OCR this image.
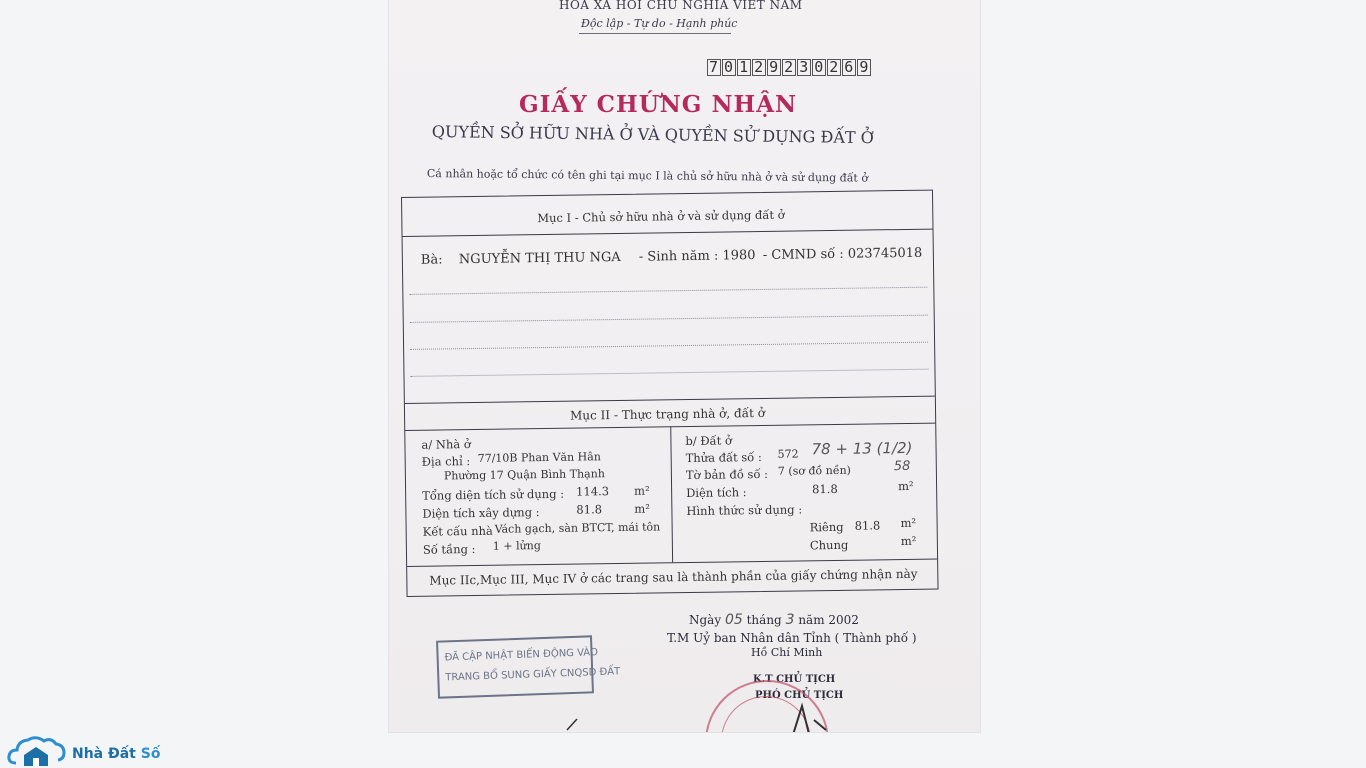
HOA XA HOI CHU NGHIA VIET NAM
Độc lập - Tự do - Hạnh phúc
7 0 1 2 9 2 3 0 2 6 9
GIẤY CHỨNG NHẬN
QUYỀN SỞ HỮU NHÀ Ở VÀ QUYỀN SỬ DỤNG ĐẤT Ở
Cá nhân hoặc tổ chức có tên ghi tại mục I là chủ sở hữu nhà ở và sử dụng đất ở
Mục I - Chủ sở hữu nhà ở và sử dụng đất ở
Bà: NGUYỄN THỊ THU NGA - Sinh năm : 1980 - CMND số : 023745018
Mục II - Thực trạng nhà ở, đất ở
a/ Nhà ở
Địa chỉ : 77/10B Phan Văn Hân
Phường 17 Quận Bình Thạnh
Tổng diện tích sử dụng : 114.3 m²
Diện tích xây dựng :	81.8	m²
Kết cấu nhà Vách gạch, sàn BTCT, mái tôn
Số tầng : 1 + lửng
b/ Đất ở
Thửa đất số : 572 78 + 13 (1/2)
Tờ bản đồ số : 7 (sơ đồ nền)	58
Diện tích :	81.8	m²
Hình thức sử dụng :
Riêng 81.8 m²
Chung	m²
Mục IIc,Mục III, Mục IV ở các trang sau là thành phần của giấy chứng nhận này
Ngày 05 tháng 3 năm 2002
T.M Uỷ ban Nhân dân Tỉnh ( Thành phố )
Hồ Chí Minh
K.T CHỦ TỊCH
PHÓ CHỦ TỊCH
ĐÃ CẬP NHẬT BIẾN ĐỘNG VÀO
TRANG BỔ SUNG GIẤY CNQSD ĐẤT
Nhà Đất Số
